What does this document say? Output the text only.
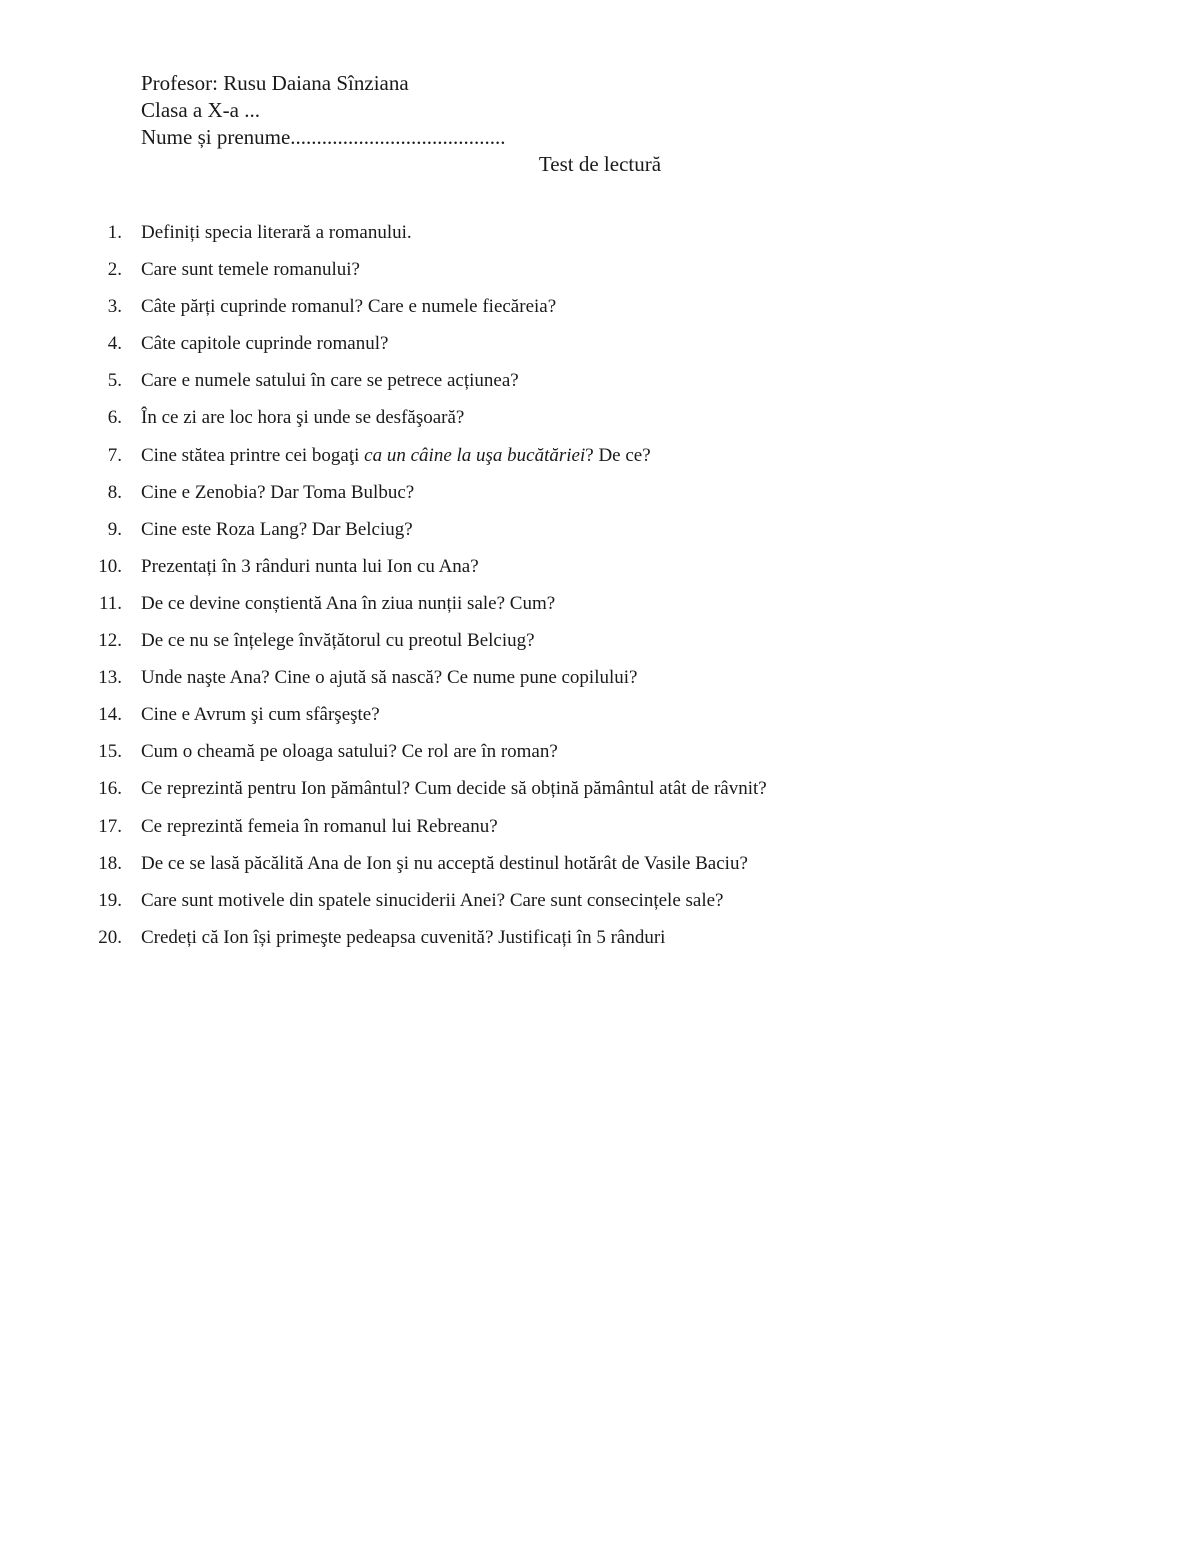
Profesor: Rusu Daiana Sînziana
Clasa a X-a ...
Nume și prenume.........................................
Test de lectură
1. Definiți specia literară a romanului.
2. Care sunt temele romanului?
3. Câte părți cuprinde romanul? Care e numele fiecăreia?
4. Câte capitole cuprinde romanul?
5. Care e numele satului în care se petrece acțiunea?
6. În ce zi are loc hora şi unde se desfăşoară?
7. Cine stătea printre cei bogaţi ca un câine la uşa bucătăriei? De ce?
8. Cine e Zenobia? Dar Toma Bulbuc?
9. Cine este Roza Lang? Dar Belciug?
10. Prezentați în 3 rânduri nunta lui Ion cu Ana?
11. De ce devine conștientă Ana în ziua nunții sale? Cum?
12. De ce nu se înțelege învățătorul cu preotul Belciug?
13. Unde naşte Ana? Cine o ajută să nască? Ce nume pune copilului?
14. Cine e Avrum şi cum sfârşeşte?
15. Cum o cheamă pe oloaga satului? Ce rol are în roman?
16. Ce reprezintă pentru Ion pământul? Cum decide să obțină pământul atât de râvnit?
17. Ce reprezintă femeia în romanul lui Rebreanu?
18. De ce se lasă păcălită Ana de Ion şi nu acceptă destinul hotărât de Vasile Baciu?
19. Care sunt motivele din spatele sinuciderii Anei? Care sunt consecințele sale?
20. Credeți că Ion își primeşte pedeapsa cuvenită? Justificați în 5 rânduri
